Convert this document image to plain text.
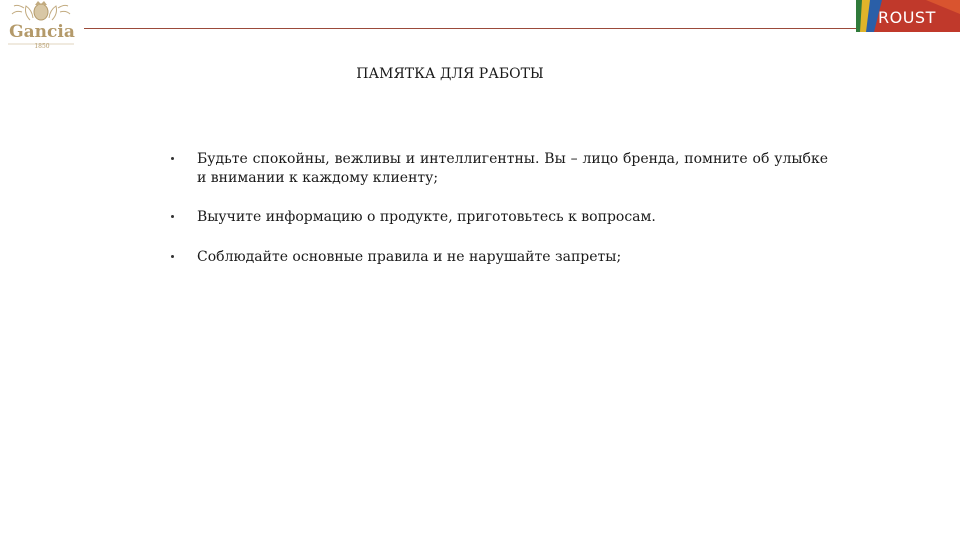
Gancia
1850
ROUST
ПАМЯТКА ДЛЯ РАБОТЫ
Будьте спокойны, вежливы и интеллигентны. Вы – лицо бренда, помните об улыбке и внимании к каждому клиенту;
Выучите информацию о продукте, приготовьтесь к вопросам.
Соблюдайте основные правила и не нарушайте запреты;
